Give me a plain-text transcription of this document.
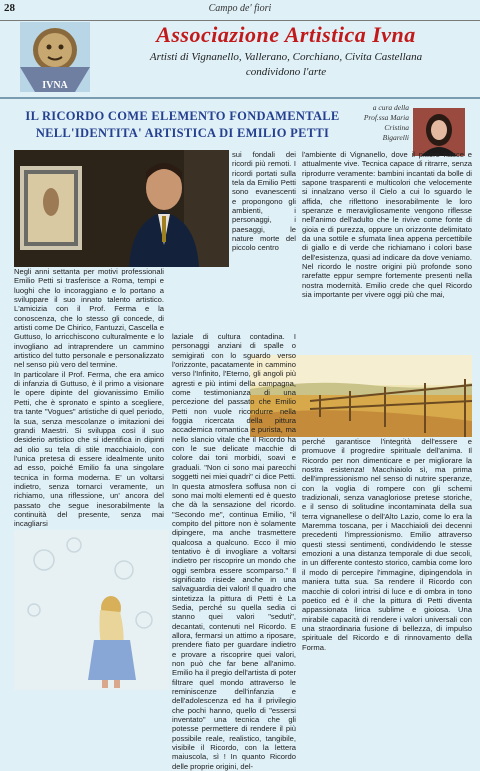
28	Campo de' fiori
IVNA
Associazione Artistica Ivna
Artisti di Vignanello, Vallerano, Corchiano, Civita Castellana
condividono l'arte
IL RICORDO COME ELEMENTO FONDAMENTALE
NELL'IDENTITA' ARTISTICA DI EMILIO PETTI
a cura della
Prof.ssa Maria
Cristina
Bigarelli

Negli anni settanta per motivi professionali Emilio Petti si trasferisce a Roma, tempi e luoghi che lo incoraggiano e lo portano a sviluppare il suo innato talento artistico. L'amicizia con il Prof. Ferma e la conoscenza, che lo stesso gli concede, di artisti come De Chirico, Fantuzzi, Cascella e Guttuso, lo arricchiscono culturalmente e lo invogliano ad intraprendere un cammino artistico del tutto personale e personalizzato nel senso più vero del termine.

In particolare il Prof. Ferma, che era amico di infanzia di Guttuso, è il primo a visionare le opere dipinte del giovanissimo Emilio Petti, che è spronato e spinto a scegliere, tra tante "Vogues" artistiche di quel periodo, la sua, senza mescolanze o imitazioni dei grandi Maestri. Si sviluppa così il suo desiderio artistico che si identifica in dipinti ad olio su tela di stile macchiaiolo, con l'unica pretesa di essere idealmente unito ad esso, poiché Emilio fa una singolare tecnica in forma moderna. E' un voltarsi indietro, senza tornarci veramente, un richiamo, una riflessione, un' ancora del passato che segue inesorabilmente la continuità del presente, senza mai incagliarsi

sui fondali dei ricordi più remoti. I ricordi portati sulla tela da Emilio Petti sono evanescenti e propongono gli ambienti, i personaggi, i paesaggi, le nature morte del piccolo centro

laziale di cultura contadina. I personaggi anziani di spalle o semigirati con lo sguardo verso l'orizzonte, pacatamente in cammino verso l'Infinito, l'Eterno, gli angoli più agresti e più intimi della campagna, come testimonianza di una percezione del passato che Emilio Petti non vuole ricondurre nella foggia ricercata della pittura accademica romantica e purista, ma nello slancio vitale che il Ricordo ha con le sue delicate macchie di colore dai toni morbidi, soavi e graduali. "Non ci sono mai parecchi soggetti nei miei quadri" ci dice Petti. In questa atmosfera soffusa non ci sono mai molti elementi ed è questo che dà la sensazione del ricordo. "Secondo me", continua Emilio, "il compito del pittore non è solamente dipingere, ma anche trasmettere qualcosa a qualcuno. Ecco il mio tentativo è di invogliare a voltarsi indietro per riscoprire un mondo che oggi sembra essere scomparso." Il significato risiede anche in una salvaguardia dei valori! Il quadro che sintetizza la pittura di Petti è La Sedia, perché su quella sedia ci stanno quei valori "seduti", decantati, contenuti nel Ricordo. E allora, fermarsi un attimo a riposare, prendere fiato per guardare indietro e provare a riscoprire quei valori, non può che far bene all'animo. Emilio ha il pregio dell'artista di poter filtrare quel mondo attraverso le reminiscenze dell'infanzia e dell'adolescenza ed ha il privilegio che pochi hanno, quello di "essersi inventato" una tecnica che gli potesse permettere di rendere il più possibile reale, realistico, tangibile, visibile il Ricordo, con la lettera maiuscola, sì ! In quanto Ricordo delle proprie origini, del-

l'ambiente di Vignanello, dove il pittore nasce e attualmente vive. Tecnica capace di ritrarre, senza riprodurre veramente: bambini incantati da bolle di sapone trasparenti e multicolori che velocemente si innalzano verso il Cielo a cui lo sguardo le affida, che riflettono inesorabilmente le loro speranze e meravigliosamente vengono riflesse nell'animo dell'adulto che le rivive come fonte di gioia e di purezza, oppure un orizzonte delimitato da una sottile e sfumata linea appena percettibile di giallo e di verde che richiamano i colori base dell'esistenza, quasi ad indicare da dove veniamo. Nel ricordo le nostre origini più profonde sono rarefatte eppur sempre fortemente presenti nella nostra modernità. Emilio crede che quel Ricordo sia importante per vivere oggi più che mai,

perché garantisce l'integrità dell'essere e promuove il progredire spirituale dell'anima. Il Ricordo per non dimenticare e per migliorare la nostra esistenza! Macchiaiolo sì, ma prima dell'impressionismo nel senso di nutrire speranze, con la voglia di rompere con gli schemi tradizionali, senza vanagloriose pretese storiche, e il senso di solitudine incontaminata della sua terra vignanellese o dell'Alto Lazio, come lo era la Maremma toscana, per i Macchiaioli dei decenni precedenti l'impressionismo. Emilio attraverso questi stessi sentimenti, condividendo le stesse emozioni a una distanza temporale di due secoli, in un differente contesto storico, cambia come loro il modo di percepire l'immagine, dipingendola in maniera tutta sua. Sa rendere il Ricordo con macchie di colori intrisi di luce e di ombra in tono poetico ed è il che la pittura di Petti diventa appassionata lirica sublime e gioiosa. Una mirabile capacità di rendere i valori universali con una straordinaria fusione di bellezza, di impulso spirituale del Ricordo e di rinnovamento della Forma.
